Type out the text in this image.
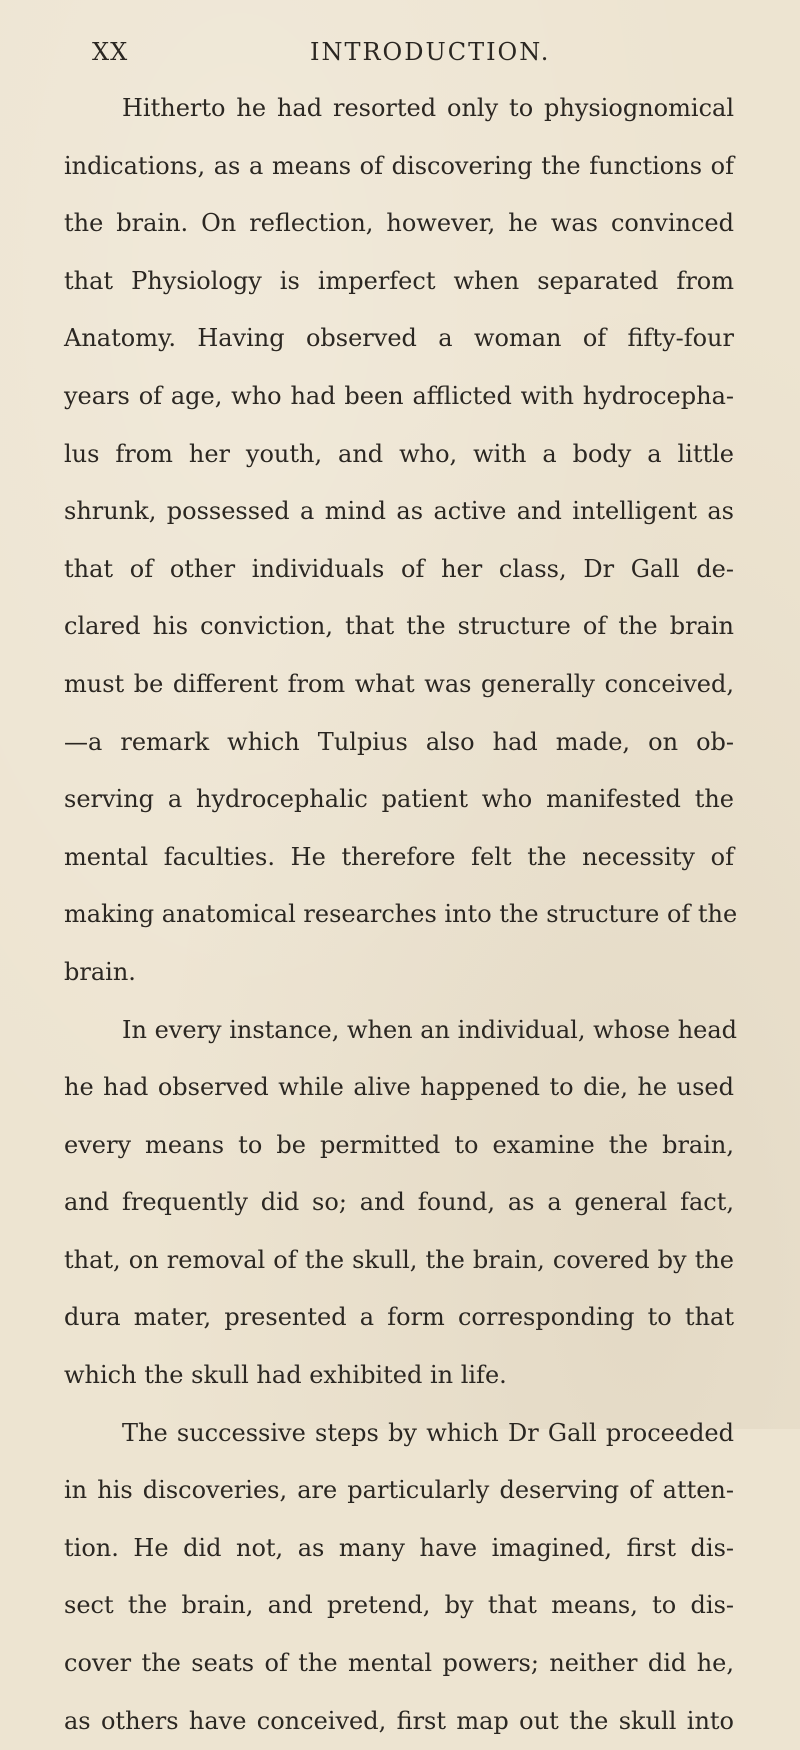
XX	INTRODUCTION.
Hitherto he had resorted only to physiognomical
indications, as a means of discovering the functions of
the brain. On reflection, however, he was convinced
that Physiology is imperfect when separated from
Anatomy. Having observed a woman of fifty-four
years of age, who had been afflicted with hydrocepha-
lus from her youth, and who, with a body a little
shrunk, possessed a mind as active and intelligent as
that of other individuals of her class, Dr Gall de-
clared his conviction, that the structure of the brain
must be different from what was generally conceived,
—a remark which Tulpius also had made, on ob-
serving a hydrocephalic patient who manifested the
mental faculties. He therefore felt the necessity of
making anatomical researches into the structure of the
brain.
In every instance, when an individual, whose head
he had observed while alive happened to die, he used
every means to be permitted to examine the brain,
and frequently did so; and found, as a general fact,
that, on removal of the skull, the brain, covered by the
dura mater, presented a form corresponding to that
which the skull had exhibited in life.
The successive steps by which Dr Gall proceeded
in his discoveries, are particularly deserving of atten-
tion. He did not, as many have imagined, first dis-
sect the brain, and pretend, by that means, to dis-
cover the seats of the mental powers; neither did he,
as others have conceived, first map out the skull into
